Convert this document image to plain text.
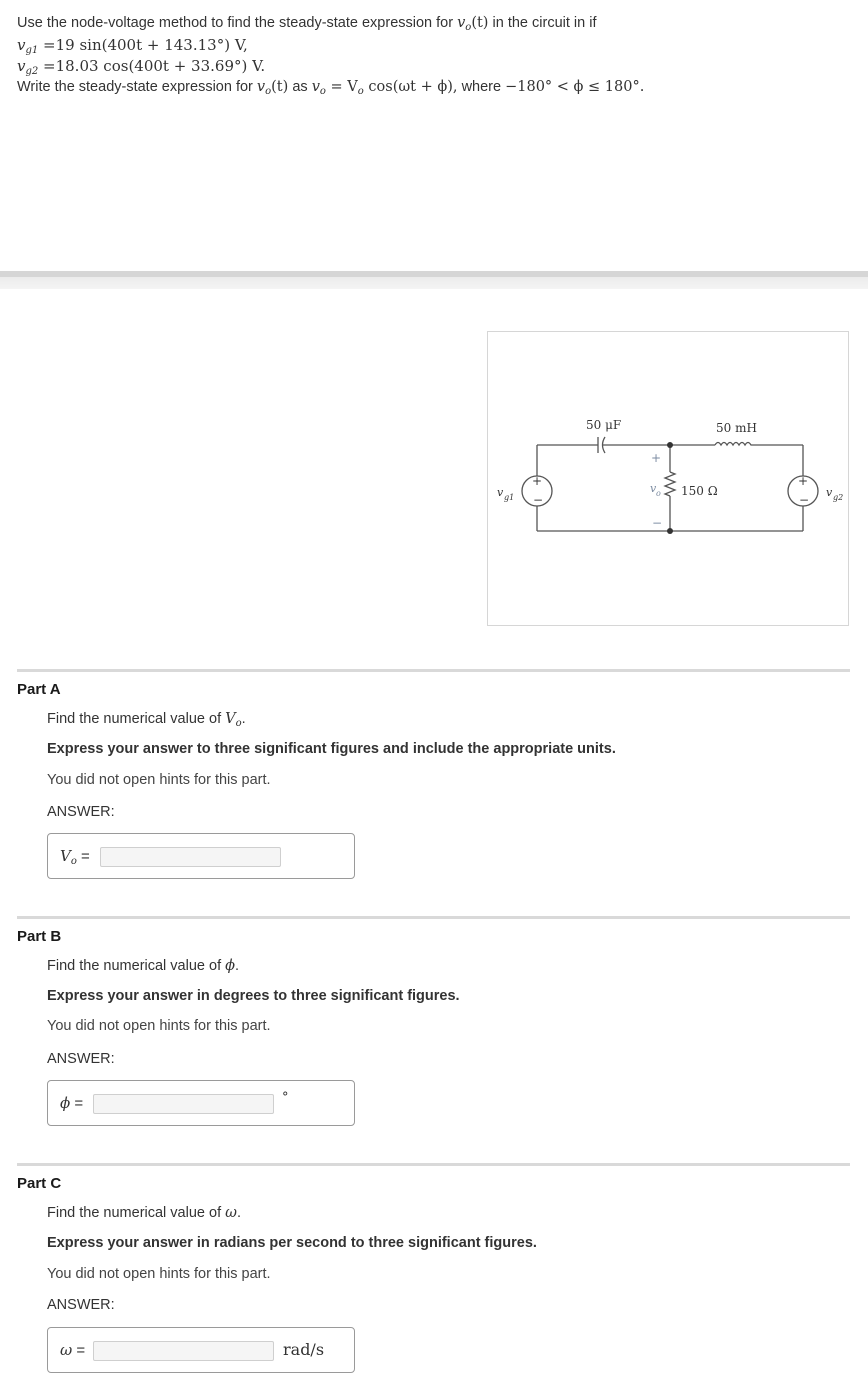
Use the node-voltage method to find the steady-state expression for $v_o(t)$ in the circuit in if
$v_{g1} =19$ sin(400t + 143.13°) V,
$v_{g2} =18.03$ cos(400t + 33.69°) V.
Write the steady-state expression for $v_o(t)$ as $v_o = V_o$ cos(ωt + ϕ), where −180° < ϕ ≤ 180°.
50 μF	50 mH
150 Ω
+
−
+
−
+
−
v g1	v g2
v o
Part A
Find the numerical value of $V_o$.
Express your answer to three significant figures and include the appropriate units.
You did not open hints for this part.
ANSWER:
$V_o$ =
Part B
Find the numerical value of ϕ.
Express your answer in degrees to three significant figures.
You did not open hints for this part.
ANSWER:
ϕ =	°
Part C
Find the numerical value of ω.
Express your answer in radians per second to three significant figures.
You did not open hints for this part.
ANSWER:
ω =	rad/s
